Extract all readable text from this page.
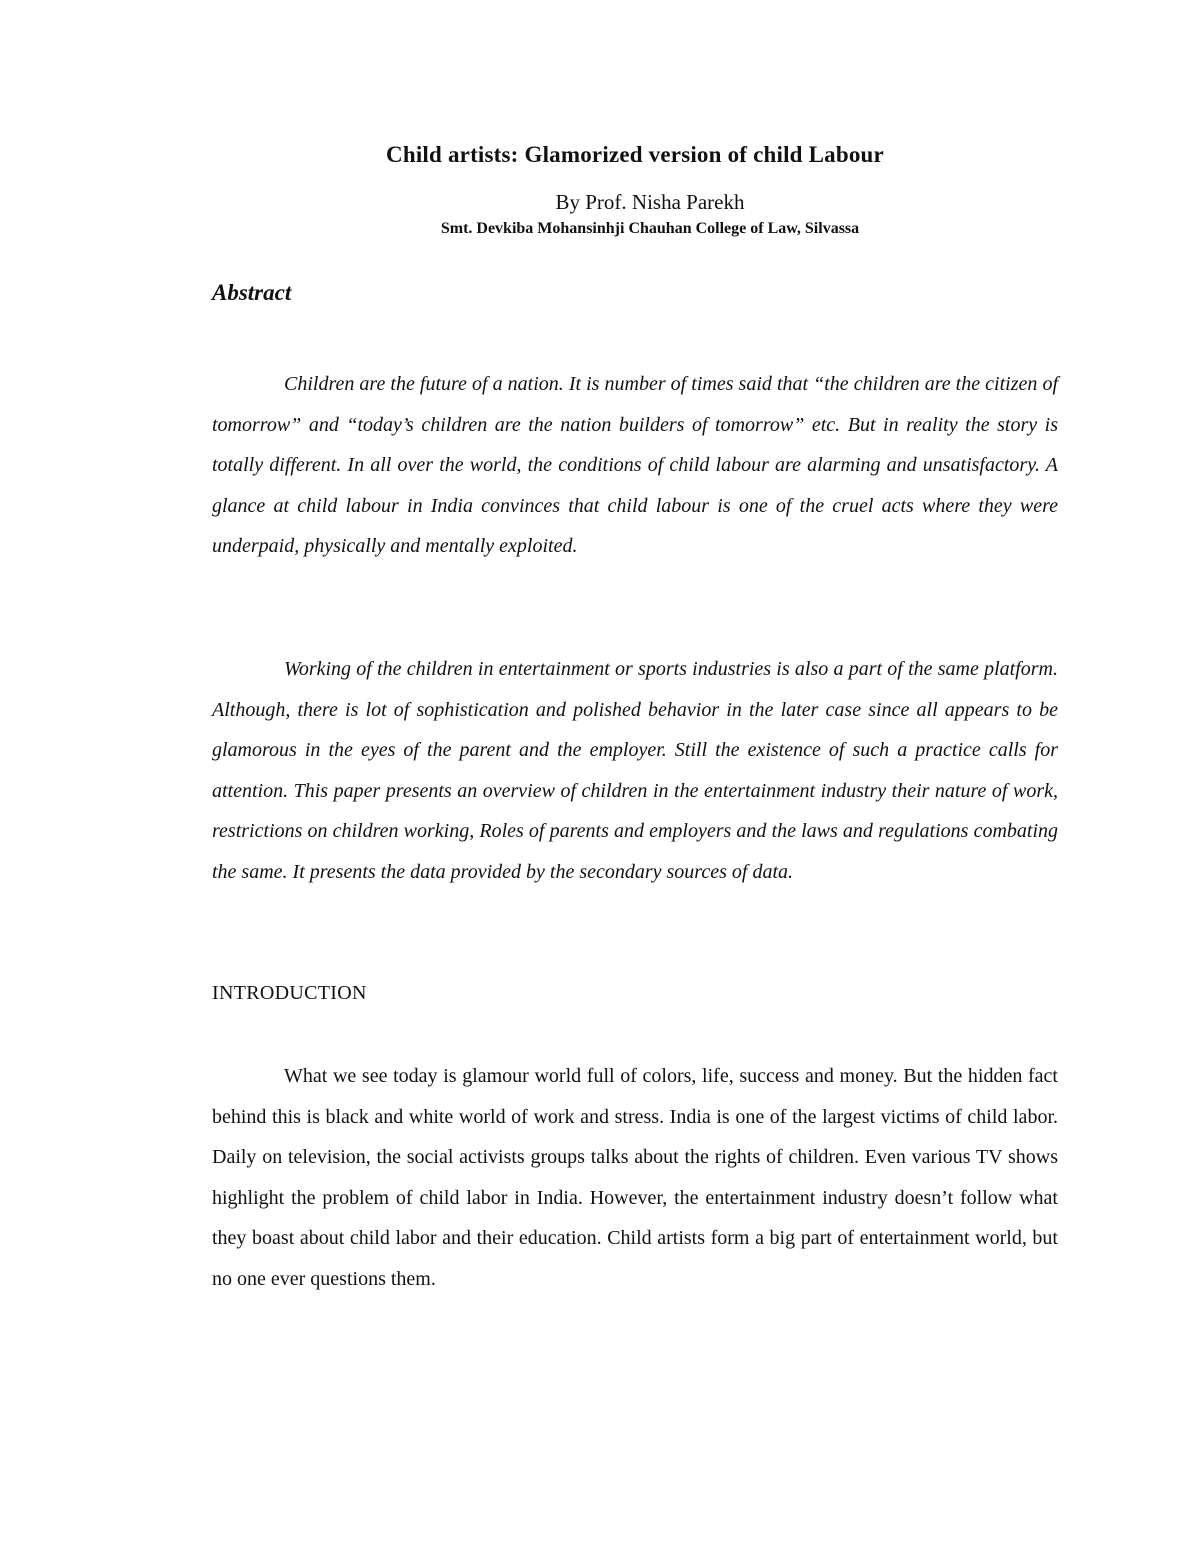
Child artists: Glamorized version of child Labour
By Prof. Nisha Parekh
Smt. Devkiba Mohansinhji Chauhan College of Law, Silvassa
Abstract

Children are the future of a nation. It is number of times said that “the children are the citizen of tomorrow” and “today’s children are the nation builders of tomorrow” etc. But in reality the story is totally different. In all over the world, the conditions of child labour are alarming and unsatisfactory. A glance at child labour in India convinces that child labour is one of the cruel acts where they were underpaid, physically and mentally exploited.

Working of the children in entertainment or sports industries is also a part of the same platform. Although, there is lot of sophistication and polished behavior in the later case since all appears to be glamorous in the eyes of the parent and the employer. Still the existence of such a practice calls for attention. This paper presents an overview of children in the entertainment industry their nature of work, restrictions on children working, Roles of parents and employers and the laws and regulations combating the same. It presents the data provided by the secondary sources of data.

INTRODUCTION

What we see today is glamour world full of colors, life, success and money. But the hidden fact behind this is black and white world of work and stress. India is one of the largest victims of child labor. Daily on television, the social activists groups talks about the rights of children. Even various TV shows highlight the problem of child labor in India. However, the entertainment industry doesn’t follow what they boast about child labor and their education. Child artists form a big part of entertainment world, but no one ever questions them.
